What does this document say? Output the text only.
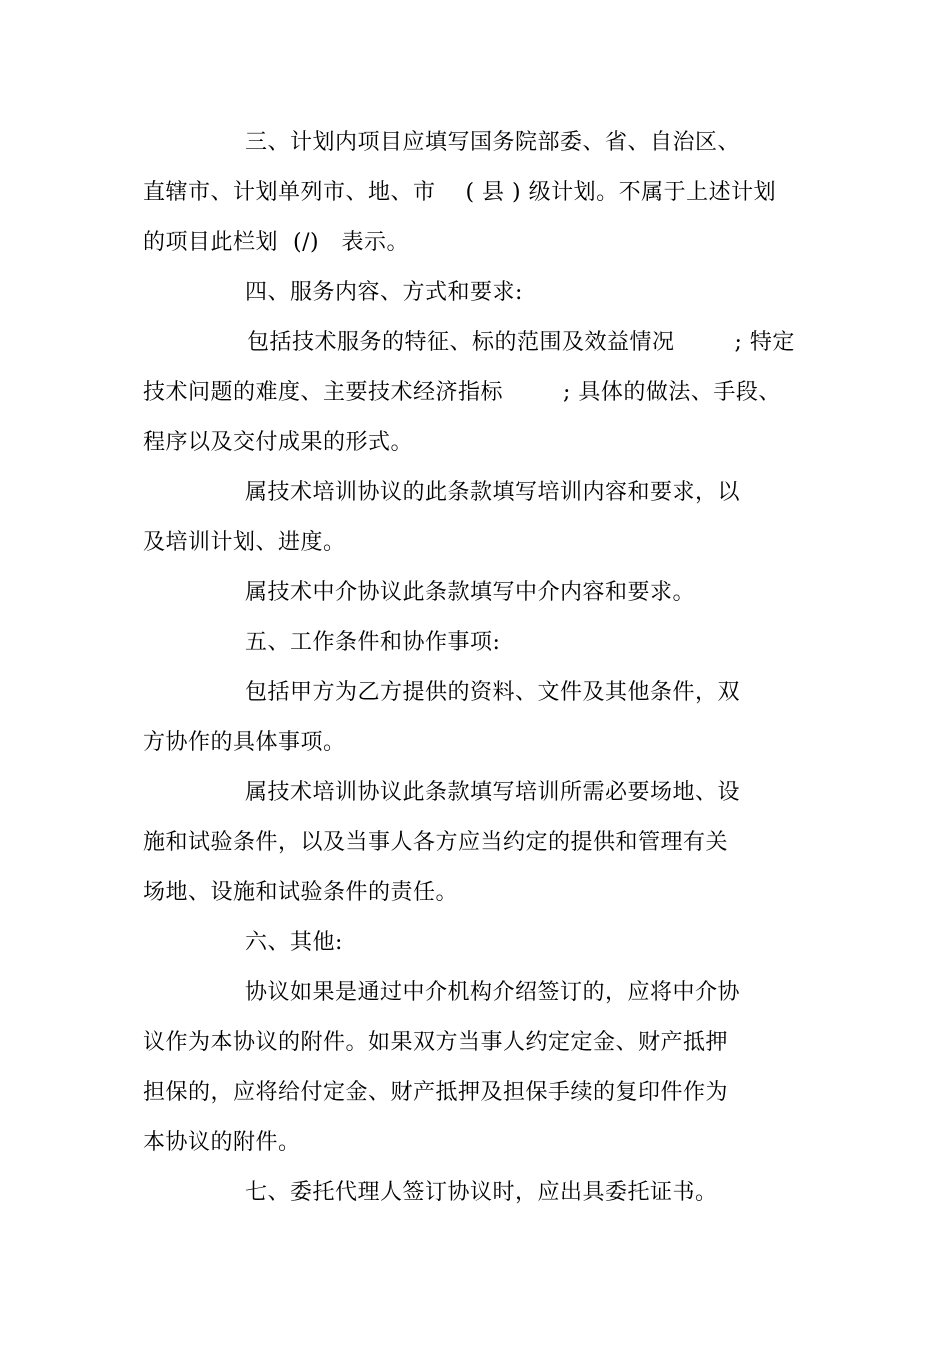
三、计划内项目应填写国务院部委、省、自治区、
直辖市、计划单列市、地、市    ( 县 ) 级计划。不属于上述计划
的项目此栏划  (/)   表示。
四、服务内容、方式和要求:
包括技术服务的特征、标的范围及效益情况        ; 特定
技术问题的难度、主要技术经济指标        ; 具体的做法、手段、
程序以及交付成果的形式。
属技术培训协议的此条款填写培训内容和要求，以
及培训计划、进度。
属技术中介协议此条款填写中介内容和要求。
五、工作条件和协作事项:
包括甲方为乙方提供的资料、文件及其他条件，双
方协作的具体事项。
属技术培训协议此条款填写培训所需必要场地、设
施和试验条件，以及当事人各方应当约定的提供和管理有关
场地、设施和试验条件的责任。
六、其他:
协议如果是通过中介机构介绍签订的，应将中介协
议作为本协议的附件。如果双方当事人约定定金、财产抵押
担保的，应将给付定金、财产抵押及担保手续的复印件作为
本协议的附件。
七、委托代理人签订协议时，应出具委托证书。
